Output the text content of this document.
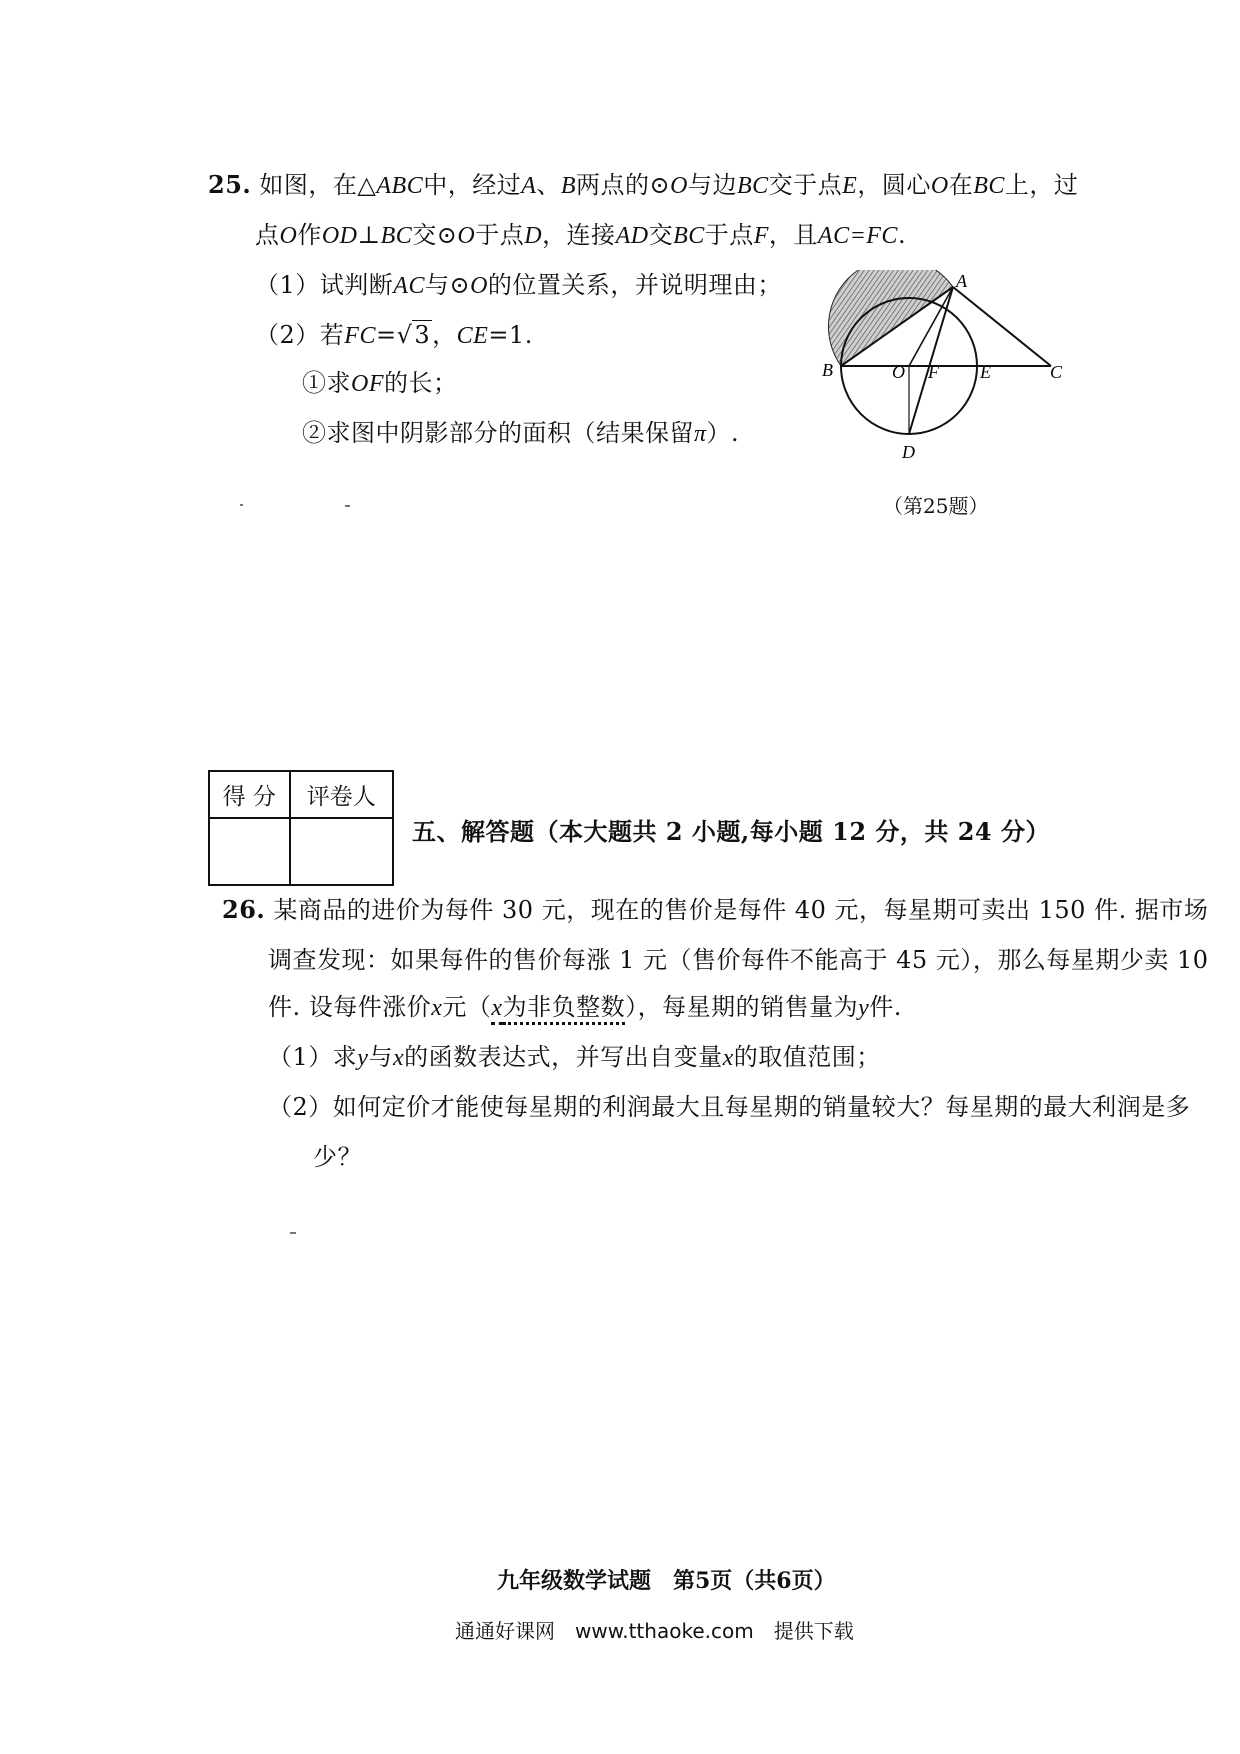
25. 如图，在△ABC中，经过A、B两点的⊙O与边BC交于点E，圆心O在BC上，过
点O作OD⊥BC交⊙O于点D，连接AD交BC于点F，且AC=FC.
（1）试判断AC与⊙O的位置关系，并说明理由；
（2）若FC=√3，CE=1.
①求OF的长；
②求图中阴影部分的面积（结果保留π）.
A
B	O F E	C
D
（第25题）
得 分	评卷人

五、解答题（本大题共 2 小题,每小题 12 分，共 24 分）
26. 某商品的进价为每件 30 元，现在的售价是每件 40 元，每星期可卖出 150 件. 据市场
调查发现：如果每件的售价每涨 1 元（售价每件不能高于 45 元），那么每星期少卖 10
件. 设每件涨价x元（x为非负整数），每星期的销售量为y件.
（1）求y与x的函数表达式，并写出自变量x的取值范围；
（2）如何定价才能使每星期的利润最大且每星期的销量较大？每星期的最大利润是多
少？
九年级数学试题　第5页（共6页）
通通好课网　www.tthaoke.com　提供下载
